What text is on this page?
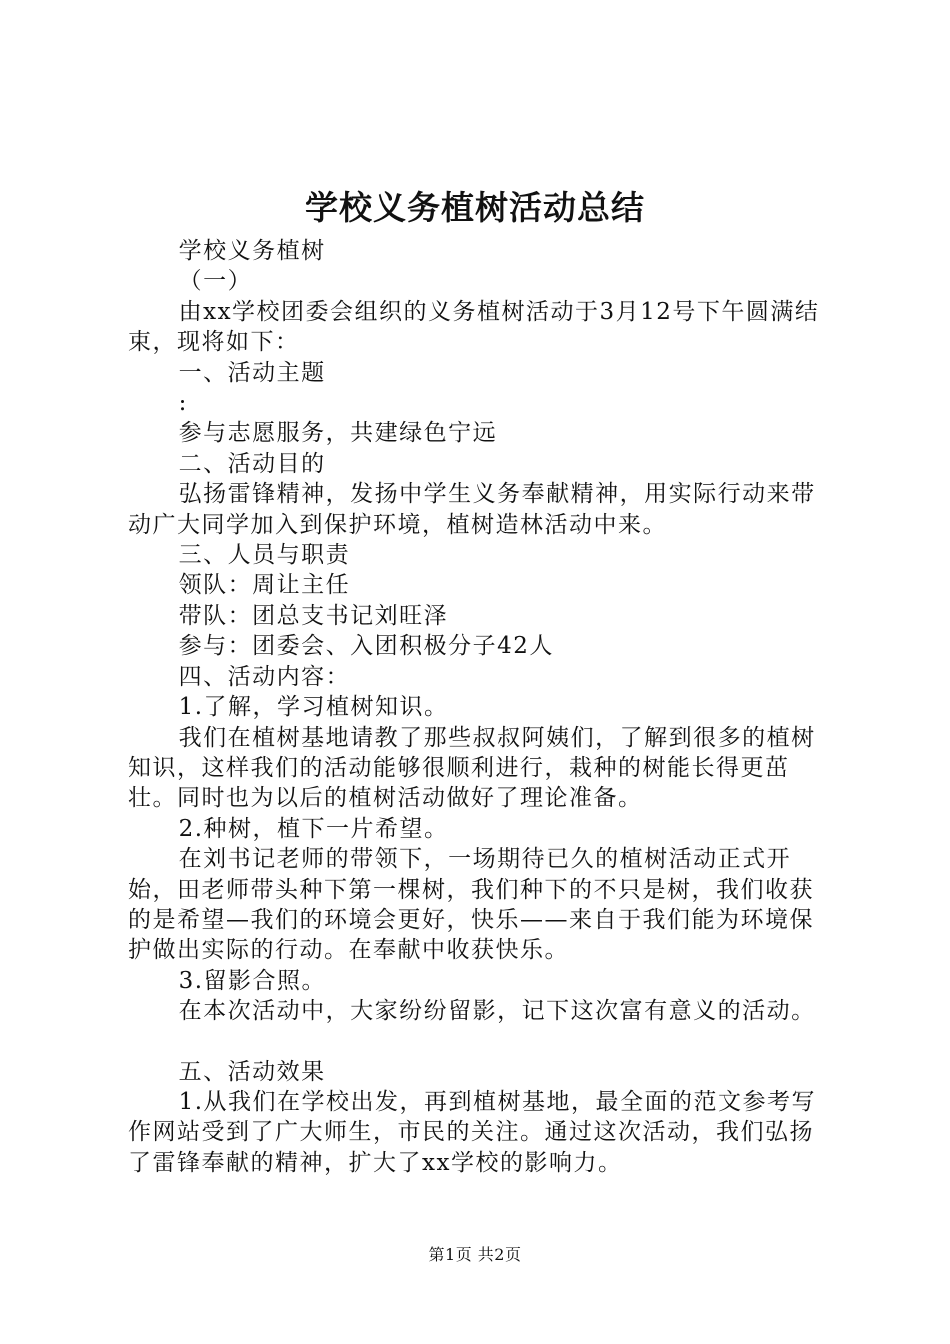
学校义务植树活动总结

学校义务植树

（一）

由xx学校团委会组织的义务植树活动于3月12号下午圆满结束，现将如下：

一、活动主题

:

参与志愿服务，共建绿色宁远

二、活动目的

弘扬雷锋精神，发扬中学生义务奉献精神，用实际行动来带动广大同学加入到保护环境，植树造林活动中来。

三、人员与职责

领队：周让主任

带队：团总支书记刘旺泽

参与：团委会、入团积极分子42人

四、活动内容：

1.了解，学习植树知识。

我们在植树基地请教了那些叔叔阿姨们，了解到很多的植树知识，这样我们的活动能够很顺利进行，栽种的树能长得更茁壮。同时也为以后的植树活动做好了理论准备。

2.种树，植下一片希望。

在刘书记老师的带领下，一场期待已久的植树活动正式开始，田老师带头种下第一棵树，我们种下的不只是树，我们收获的是希望—我们的环境会更好，快乐——来自于我们能为环境保护做出实际的行动。在奉献中收获快乐。

3.留影合照。

在本次活动中，大家纷纷留影，记下这次富有意义的活动。

五、活动效果

1.从我们在学校出发，再到植树基地，最全面的范文参考写作网站受到了广大师生，市民的关注。通过这次活动，我们弘扬了雷锋奉献的精神，扩大了xx学校的影响力。

第1页 共2页
